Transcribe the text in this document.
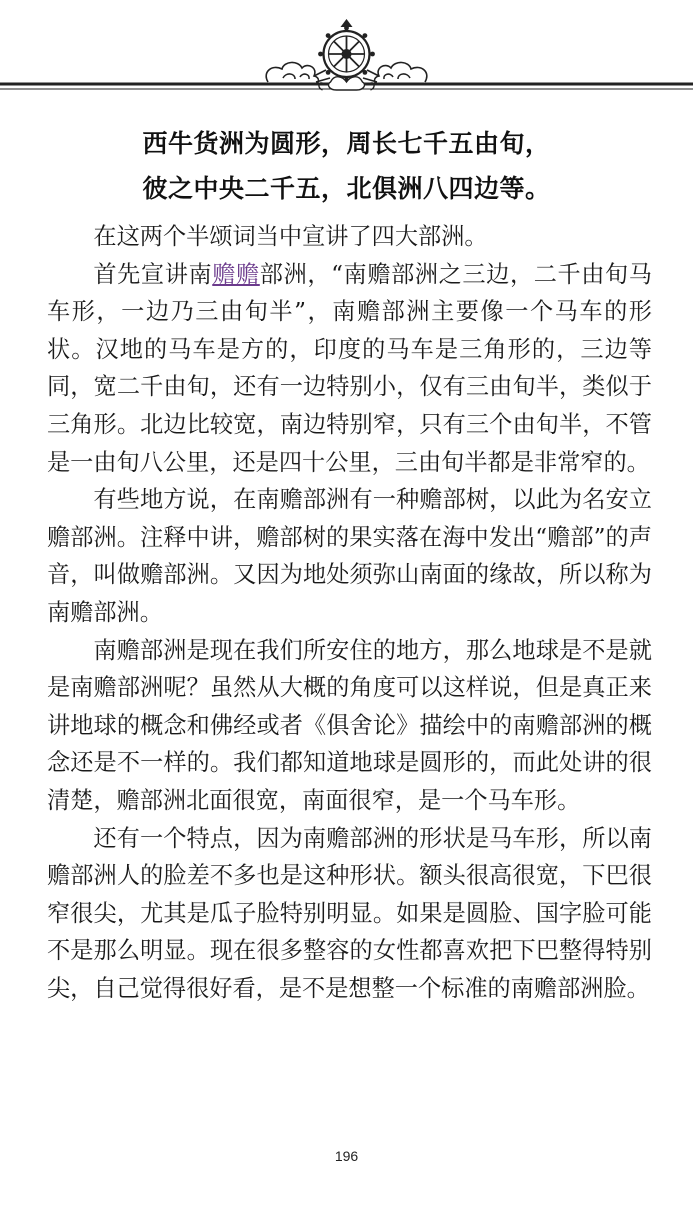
西牛货洲为圆形，周长七千五由旬，
彼之中央二千五，北俱洲八四边等。

在这两个半颂词当中宣讲了四大部洲。

首先宣讲南赡赡部洲，“南赡部洲之三边，二千由旬马车形，一边乃三由旬半”，南赡部洲主要像一个马车的形状。汉地的马车是方的，印度的马车是三角形的，三边等同，宽二千由旬，还有一边特别小，仅有三由旬半，类似于三角形。北边比较宽，南边特别窄，只有三个由旬半，不管是一由旬八公里，还是四十公里，三由旬半都是非常窄的。

有些地方说，在南赡部洲有一种赡部树，以此为名安立赡部洲。注释中讲，赡部树的果实落在海中发出“赡部”的声音，叫做赡部洲。又因为地处须弥山南面的缘故，所以称为南赡部洲。

南赡部洲是现在我们所安住的地方，那么地球是不是就是南赡部洲呢？虽然从大概的角度可以这样说，但是真正来讲地球的概念和佛经或者《俱舍论》描绘中的南赡部洲的概念还是不一样的。我们都知道地球是圆形的，而此处讲的很清楚，赡部洲北面很宽，南面很窄，是一个马车形。

还有一个特点，因为南赡部洲的形状是马车形，所以南赡部洲人的脸差不多也是这种形状。额头很高很宽，下巴很窄很尖，尤其是瓜子脸特别明显。如果是圆脸、国字脸可能不是那么明显。现在很多整容的女性都喜欢把下巴整得特别尖，自己觉得很好看，是不是想整一个标准的南赡部洲脸。

196
